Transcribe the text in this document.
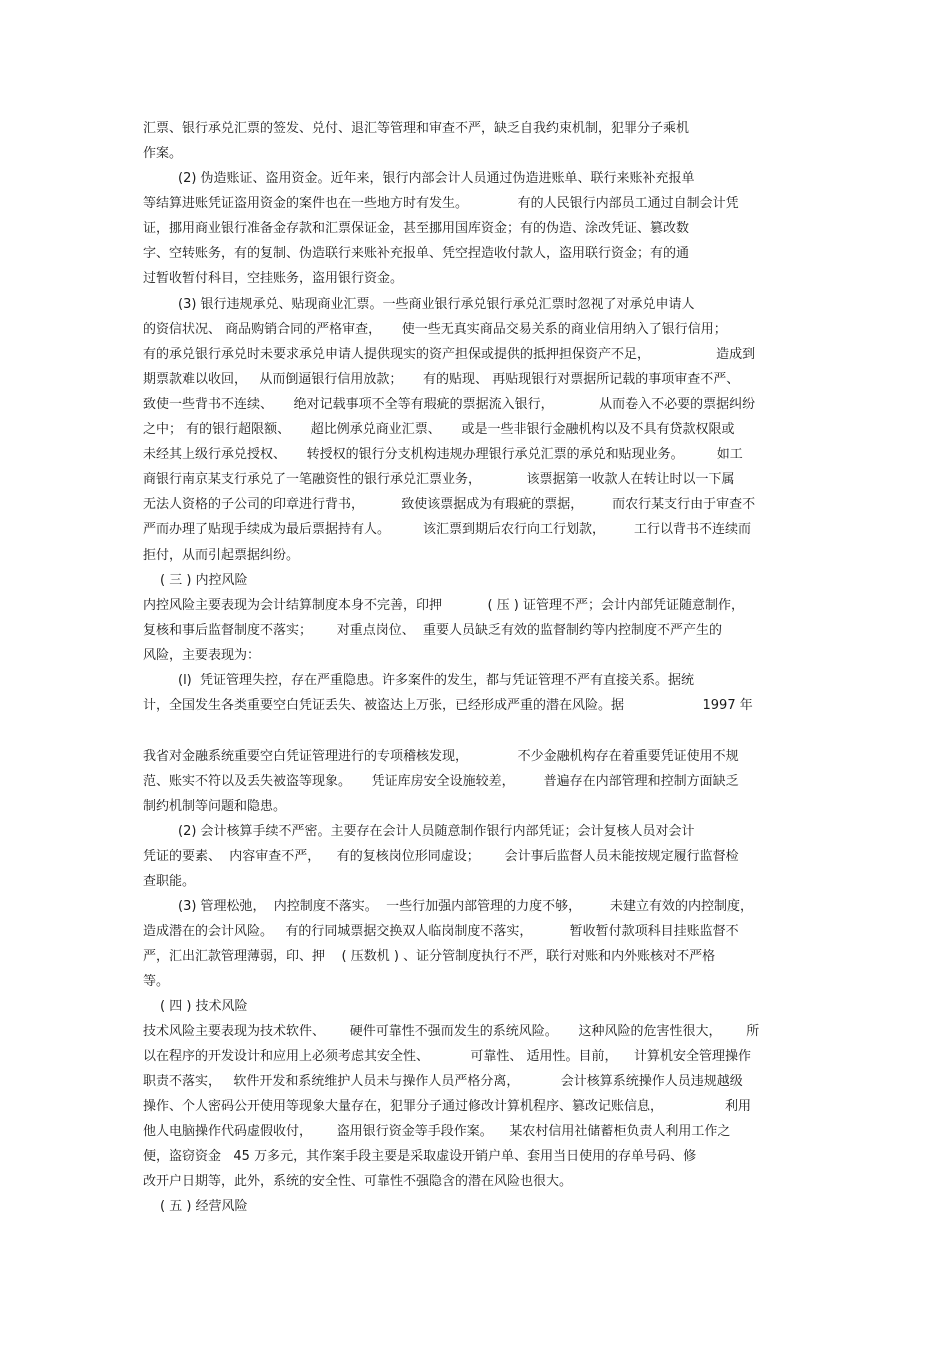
汇票、银行承兑汇票的签发、兑付、退汇等管理和审查不严，缺乏自我约束机制，犯罪分子乘机
作案。
(2) 伪造账证、盗用资金。近年来，银行内部会计人员通过伪造进账单、联行来账补充报单
等结算进账凭证盗用资金的案件也在一些地方时有发生。            有的人民银行内部员工通过自制会计凭
证，挪用商业银行准备金存款和汇票保证金，甚至挪用国库资金；有的伪造、涂改凭证、篡改数
字、空转账务，有的复制、伪造联行来账补充报单、凭空捏造收付款人，盗用联行资金；有的通
过暂收暂付科目，空挂账务，盗用银行资金。
(3) 银行违规承兑、贴现商业汇票。一些商业银行承兑银行承兑汇票时忽视了对承兑申请人
的资信状况、 商品购销合同的严格审查，     使一些无真实商品交易关系的商业信用纳入了银行信用；
有的承兑银行承兑时未要求承兑申请人提供现实的资产担保或提供的抵押担保资产不足，                造成到
期票款难以收回，   从而倒逼银行信用放款；     有的贴现、 再贴现银行对票据所记载的事项审查不严、
致使一些背书不连续、     绝对记载事项不全等有瑕疵的票据流入银行，           从而卷入不必要的票据纠纷
之中； 有的银行超限额、     超比例承兑商业汇票、     或是一些非银行金融机构以及不具有贷款权限或
未经其上级行承兑授权、     转授权的银行分支机构违规办理银行承兑汇票的承兑和贴现业务。        如工
商银行南京某支行承兑了一笔融资性的银行承兑汇票业务，           该票据第一收款人在转让时以一下属
无法人资格的子公司的印章进行背书，         致使该票据成为有瑕疵的票据，       而农行某支行由于审查不
严而办理了贴现手续成为最后票据持有人。        该汇票到期后农行向工行划款，       工行以背书不连续而
拒付，从而引起票据纠纷。
( 三 ) 内控风险
内控风险主要表现为会计结算制度本身不完善，印押           ( 压 ) 证管理不严；会计内部凭证随意制作，
复核和事后监督制度不落实；      对重点岗位、  重要人员缺乏有效的监督制约等内控制度不严产生的
风险，主要表现为：
(l)  凭证管理失控，存在严重隐患。许多案件的发生，都与凭证管理不严有直接关系。据统
计，全国发生各类重要空白凭证丢失、被盗达上万张，已经形成严重的潜在风险。据                   1997 年
我省对金融系统重要空白凭证管理进行的专项稽核发现，            不少金融机构存在着重要凭证使用不规
范、账实不符以及丢失被盗等现象。     凭证库房安全设施较差，       普遍存在内部管理和控制方面缺乏
制约机制等问题和隐患。
(2) 会计核算手续不严密。主要存在会计人员随意制作银行内部凭证；会计复核人员对会计
凭证的要素、  内容审查不严，    有的复核岗位形同虚设；      会计事后监督人员未能按规定履行监督检
查职能。
(3) 管理松弛，  内控制度不落实。  一些行加强内部管理的力度不够，       未建立有效的内控制度，
造成潜在的会计风险。   有的行同城票据交换双人临岗制度不落实，         暂收暂付款项科目挂账监督不
严，汇出汇款管理薄弱，印、押    ( 压数机 ) 、证分管制度执行不严，联行对账和内外账核对不严格
等。
( 四 ) 技术风险
技术风险主要表现为技术软件、      硬件可靠性不强而发生的系统风险。     这种风险的危害性很大，      所
以在程序的开发设计和应用上必须考虑其安全性、          可靠性、 适用性。目前，    计算机安全管理操作
职责不落实，   软件开发和系统维护人员未与操作人员严格分离，          会计核算系统操作人员违规越级
操作、个人密码公开使用等现象大量存在，犯罪分子通过修改计算机程序、篡改记账信息，               利用
他人电脑操作代码虚假收付，      盗用银行资金等手段作案。    某农村信用社储蓄柜负责人利用工作之
便，盗窃资金   45 万多元，其作案手段主要是采取虚设开销户单、套用当日使用的存单号码、修
改开户日期等，此外，系统的安全性、可靠性不强隐含的潜在风险也很大。
( 五 ) 经营风险
